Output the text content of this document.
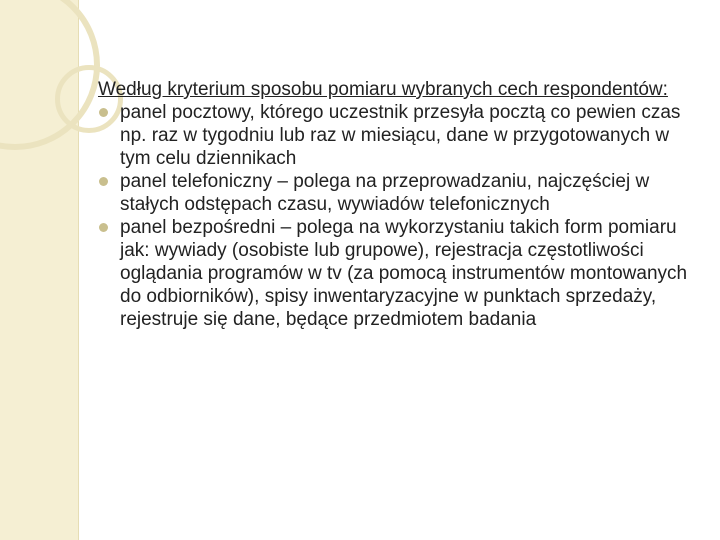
Według kryterium sposobu pomiaru wybranych cech respondentów:

panel pocztowy, którego uczestnik przesyła pocztą co pewien czas np. raz w tygodniu lub raz w miesiącu, dane w przygotowanych w tym celu dziennikach
panel telefoniczny – polega na przeprowadzaniu, najczęściej w stałych odstępach czasu, wywiadów telefonicznych
panel bezpośredni – polega na wykorzystaniu takich form pomiaru jak: wywiady (osobiste lub grupowe), rejestracja częstotliwości oglądania programów w tv (za pomocą instrumentów montowanych do odbiorników), spisy inwentaryzacyjne w punktach sprzedaży, rejestruje się dane, będące przedmiotem badania
